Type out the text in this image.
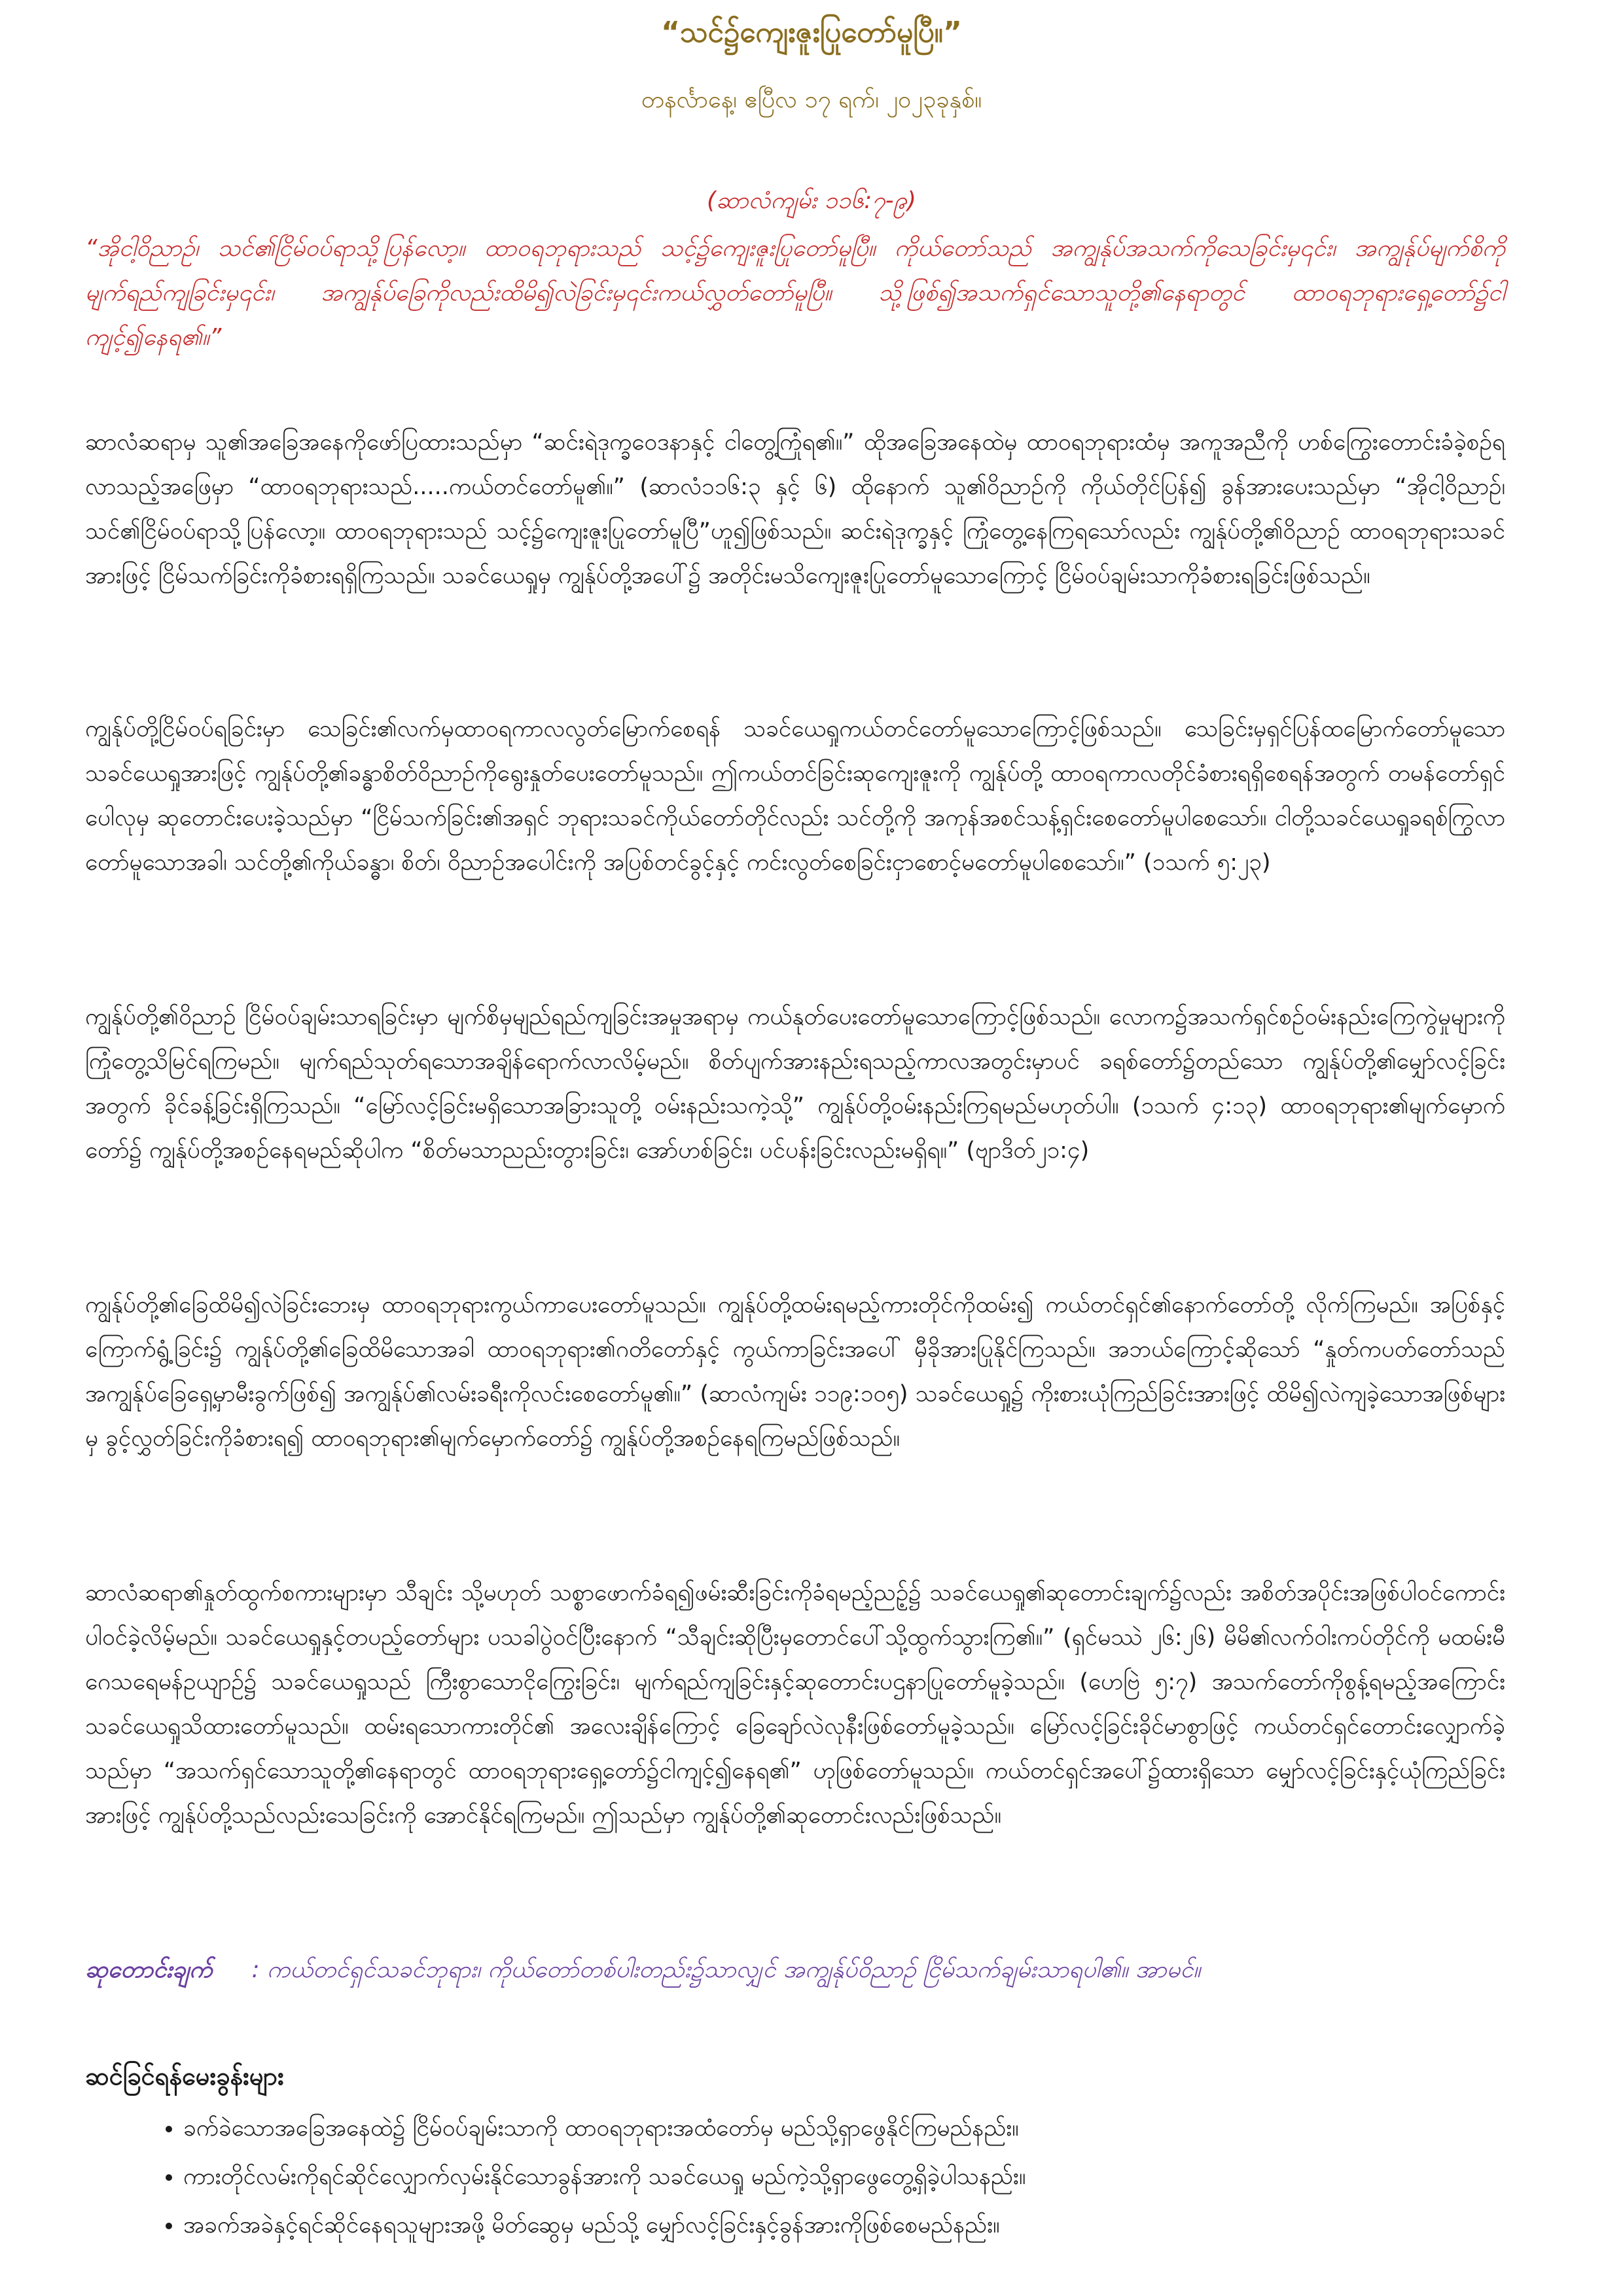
“သင်၌ကျေးဇူးပြုတော်မူပြီ။”
တနင်္လာနေ့၊ ဧပြီလ ၁၇ ရက်၊ ၂၀၂၃ခုနှစ်။
(ဆာလံကျမ်း ၁၁၆:၇-၉)
“အိုငါ့ဝိညာဉ်၊ သင်၏ငြိမ်ဝပ်ရာသို့ပြန်လော့။ ထာဝရဘုရားသည် သင့်၌ကျေးဇူးပြုတော်မူပြီ။ ကိုယ်တော်သည် အကျွန်ုပ်အသက်ကိုသေခြင်းမှ၎င်း၊ အကျွန်ုပ်မျက်စိကို မျက်ရည်ကျခြင်းမှ၎င်း၊ အကျွန်ုပ်ခြေကိုလည်းထိမိ၍လဲခြင်းမှ၎င်းကယ်လွှတ်တော်မူပြီ။ သို့ဖြစ်၍အသက်ရှင်သောသူတို့၏နေရာတွင် ထာဝရဘုရားရှေ့တော်၌ငါကျင့်၍နေရ၏။”
ဆာလံဆရာမှ သူ၏အခြေအနေကိုဖော်ပြထားသည်မှာ “ဆင်းရဲဒုက္ခဝေဒနာနှင့် ငါတွေ့ကြုံရ၏။” ထိုအခြေအနေထဲမှ ထာဝရဘုရားထံမှ အကူအညီကို ဟစ်ကြွေးတောင်းခံခဲ့စဉ်ရလာသည့်အဖြေမှာ “ထာဝရဘုရားသည်.....ကယ်တင်တော်မူ၏။” (ဆာလံ၁၁၆:၃ နှင့် ၆) ထိုနောက် သူ၏ဝိညာဉ်ကို ကိုယ်တိုင်ပြန်၍ ခွန်အားပေးသည်မှာ “အိုငါ့ဝိညာဉ်၊ သင်၏ငြိမ်ဝပ်ရာသို့ပြန်လော့။ ထာဝရဘုရားသည် သင့်၌ကျေးဇူးပြုတော်မူပြီ”ဟူ၍ဖြစ်သည်။ ဆင်းရဲဒုက္ခနှင့် ကြုံတွေ့နေကြရသော်လည်း ကျွန်ုပ်တို့၏ဝိညာဉ် ထာဝရဘုရားသခင်အားဖြင့် ငြိမ်သက်ခြင်းကိုခံစားရရှိကြသည်။ သခင်ယေရှုမှ ကျွန်ုပ်တို့အပေါ်၌ အတိုင်းမသိကျေးဇူးပြုတော်မူသောကြောင့် ငြိမ်ဝပ်ချမ်းသာကိုခံစားရခြင်းဖြစ်သည်။
ကျွန်ုပ်တို့ငြိမ်ဝပ်ရခြင်းမှာ သေခြင်း၏လက်မှထာဝရကာလလွတ်မြောက်စေရန် သခင်ယေရှုကယ်တင်တော်မူသောကြောင့်ဖြစ်သည်။ သေခြင်းမှရှင်ပြန်ထမြောက်တော်မူသော သခင်ယေရှုအားဖြင့် ကျွန်ုပ်တို့၏ခန္ဓာစိတ်ဝိညာဉ်ကိုရွေးနှုတ်ပေးတော်မူသည်။ ဤကယ်တင်ခြင်းဆုကျေးဇူးကို ကျွန်ုပ်တို့ ထာဝရကာလတိုင်ခံစားရရှိစေရန်အတွက် တမန်တော်ရှင်ပေါလုမှ ဆုတောင်းပေးခဲ့သည်မှာ “ငြိမ်သက်ခြင်း၏အရှင် ဘုရားသခင်ကိုယ်တော်တိုင်လည်း သင်တို့ကို အကုန်အစင်သန့်ရှင်းစေတော်မူပါစေသော်။ ငါတို့သခင်ယေရှုခရစ်ကြွလာတော်မူသောအခါ၊ သင်တို့၏ကိုယ်ခန္ဓာ၊ စိတ်၊ ဝိညာဉ်အပေါင်းကို အပြစ်တင်ခွင့်နှင့် ကင်းလွတ်စေခြင်းငှာစောင့်မတော်မူပါစေသော်။” (၁သက် ၅:၂၃)
ကျွန်ုပ်တို့၏ဝိညာဉ် ငြိမ်ဝပ်ချမ်းသာရခြင်းမှာ မျက်စိမှမျည်ရည်ကျခြင်းအမှုအရာမှ ကယ်နုတ်ပေးတော်မူသောကြောင့်ဖြစ်သည်။ လောက၌အသက်ရှင်စဉ်ဝမ်းနည်းကြေကွဲမှုများကိုကြုံတွေ့သိမြင်ရကြမည်။ မျက်ရည်သုတ်ရသောအချိန်ရောက်လာလိမ့်မည်။ စိတ်ပျက်အားနည်းရသည့်ကာလအတွင်းမှာပင် ခရစ်တော်၌တည်သော ကျွန်ုပ်တို့၏မျှော်လင့်ခြင်းအတွက် ခိုင်ခန့်ခြင်းရှိကြသည်။ “မြော်လင့်ခြင်းမရှိသောအခြားသူတို့ ဝမ်းနည်းသကဲ့သို့” ကျွန်ုပ်တို့ဝမ်းနည်းကြရမည်မဟုတ်ပါ။ (၁သက် ၄:၁၃) ထာဝရဘုရား၏မျက်မှောက်တော်၌ ကျွန်ုပ်တို့အစဉ်နေရမည်ဆိုပါက “စိတ်မသာညည်းတွားခြင်း၊ အော်ဟစ်ခြင်း၊ ပင်ပန်းခြင်းလည်းမရှိရ။” (ဗျာဒိတ်၂၁:၄)
ကျွန်ုပ်တို့၏ခြေထိမိ၍လဲခြင်းဘေးမှ ထာဝရဘုရားကွယ်ကာပေးတော်မူသည်။ ကျွန်ုပ်တို့ထမ်းရမည့်ကားတိုင်ကိုထမ်း၍ ကယ်တင်ရှင်၏နောက်တော်တို့ လိုက်ကြမည်။ အပြစ်နှင့်ကြောက်ရွံ့ခြင်း၌ ကျွန်ုပ်တို့၏ခြေထိမိသောအခါ ထာဝရဘုရား၏ဂတိတော်နှင့် ကွယ်ကာခြင်းအပေါ် မှီခိုအားပြုနိုင်ကြသည်။ အဘယ်ကြောင့်ဆိုသော် “နှုတ်ကပတ်တော်သည် အကျွန်ုပ်ခြေရှေ့မှာမီးခွက်ဖြစ်၍ အကျွန်ုပ်၏လမ်းခရီးကိုလင်းစေတော်မူ၏။” (ဆာလံကျမ်း ၁၁၉:၁၀၅) သခင်ယေရှု၌ ကိုးစားယုံကြည်ခြင်းအားဖြင့် ထိမိ၍လဲကျခဲ့သောအဖြစ်များမှ ခွင့်လွှတ်ခြင်းကိုခံစားရ၍ ထာဝရဘုရား၏မျက်မှောက်တော်၌ ကျွန်ုပ်တို့အစဉ်နေရကြမည်ဖြစ်သည်။
ဆာလံဆရာ၏နှုတ်ထွက်စကားများမှာ သီချင်း သို့မဟုတ် သစ္စာဖောက်ခံရ၍ဖမ်းဆီးခြင်းကိုခံရမည့်ညဉ့်၌ သခင်ယေရှု၏ဆုတောင်းချက်၌လည်း အစိတ်အပိုင်းအဖြစ်ပါဝင်ကောင်းပါဝင်ခဲ့လိမ့်မည်။ သခင်ယေရှုနှင့်တပည့်တော်များ ပသခါပွဲဝင်ပြီးနောက် “သီချင်းဆိုပြီးမှတောင်ပေါ်သို့ထွက်သွားကြ၏။” (ရှင်မဿဲ ၂၆:၂၆) မိမိ၏လက်ဝါးကပ်တိုင်ကို မထမ်းမီ ဂေသရေမန်ဥယျာဉ်၌ သခင်ယေရှုသည် ကြီးစွာသောငိုကြွေးခြင်း၊ မျက်ရည်ကျခြင်းနှင့်ဆုတောင်းပဌနာပြုတော်မူခဲ့သည်။ (ဟေဗြဲ ၅:၇) အသက်တော်ကိုစွန့်ရမည့်အကြောင်း သခင်ယေရှုသိထားတော်မူသည်။ ထမ်းရသောကားတိုင်၏ အလေးချိန်ကြောင့် ခြေချော်လဲလုနီးဖြစ်တော်မူခဲ့သည်။ မြော်လင့်ခြင်းခိုင်မာစွာဖြင့် ကယ်တင်ရှင်တောင်းလျှောက်ခဲ့သည်မှာ “အသက်ရှင်သောသူတို့၏နေရာတွင် ထာဝရဘုရားရှေ့တော်၌ငါကျင့်၍နေရ၏” ဟုဖြစ်တော်မူသည်။ ကယ်တင်ရှင်အပေါ်၌ထားရှိသော မျှော်လင့်ခြင်းနှင့်ယုံကြည်ခြင်းအားဖြင့် ကျွန်ုပ်တို့သည်လည်းသေခြင်းကို အောင်နိုင်ရကြမည်။ ဤသည်မှာ ကျွန်ုပ်တို့၏ဆုတောင်းလည်းဖြစ်သည်။
ဆုတောင်းချက် : ကယ်တင်ရှင်သခင်ဘုရား၊ ကိုယ်တော်တစ်ပါးတည်း၌သာလျှင် အကျွန်ုပ်ဝိညာဉ် ငြိမ်သက်ချမ်းသာရပါ၏။ အာမင်။
ဆင်ခြင်ရန်မေးခွန်းများ
• ခက်ခဲသောအခြေအနေထဲ၌ ငြိမ်ဝပ်ချမ်းသာကို ထာဝရဘုရားအထံတော်မှ မည်သို့ရှာဖွေနိုင်ကြမည်နည်း။
• ကားတိုင်လမ်းကိုရင်ဆိုင်လျှောက်လှမ်းနိုင်သောခွန်အားကို သခင်ယေရှု မည်ကဲ့သို့ရှာဖွေတွေ့ရှိခဲ့ပါသနည်း။
• အခက်အခဲနှင့်ရင်ဆိုင်နေရသူများအဖို့ မိတ်ဆွေမှ မည်သို့ မျှော်လင့်ခြင်းနှင့်ခွန်အားကိုဖြစ်စေမည်နည်း။
